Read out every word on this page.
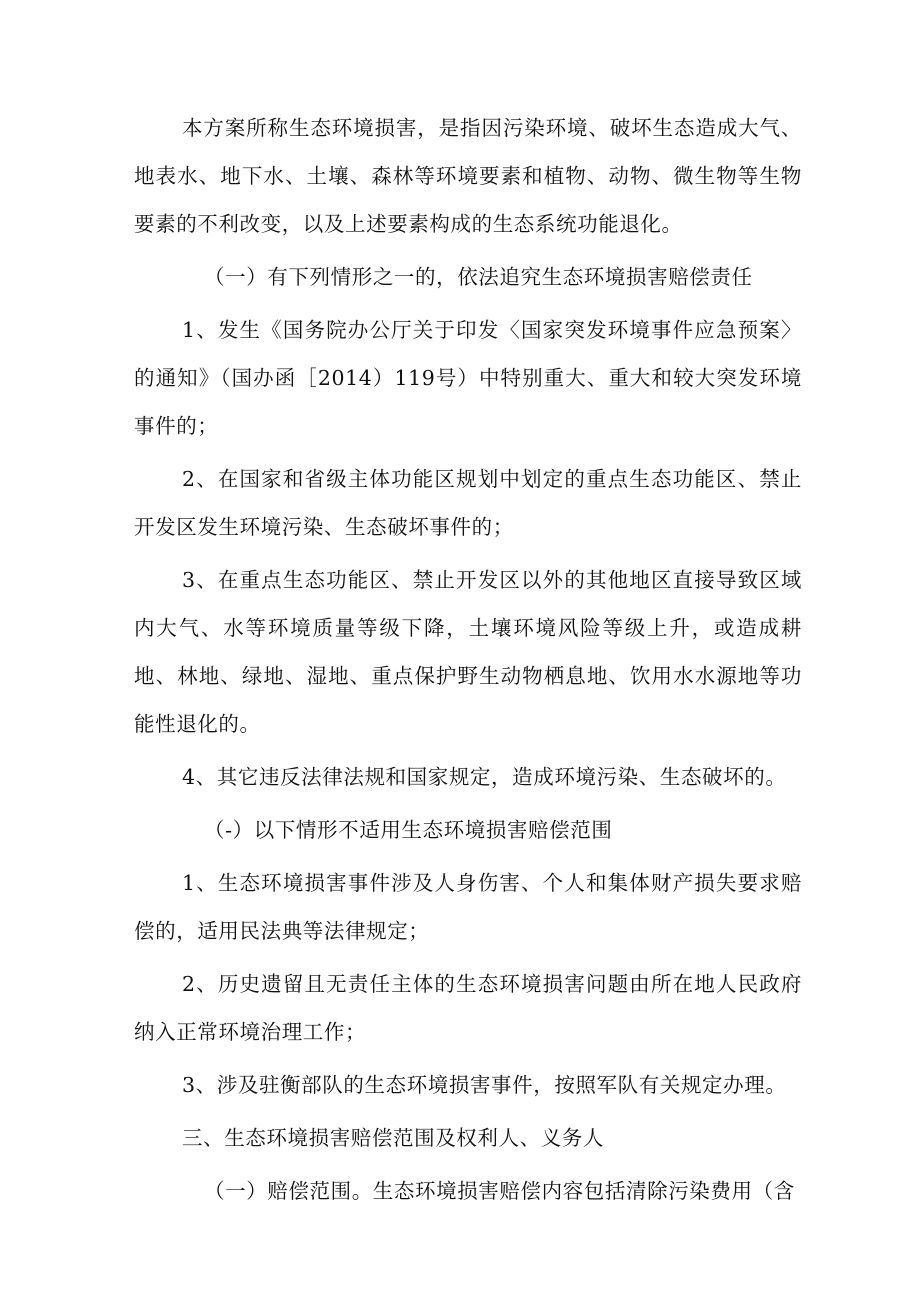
本方案所称生态环境损害，是指因污染环境、破坏生态造成大气、地表水、地下水、土壤、森林等环境要素和植物、动物、微生物等生物要素的不利改变，以及上述要素构成的生态系统功能退化。

（一）有下列情形之一的，依法追究生态环境损害赔偿责任

1、发生《国务院办公厅关于印发〈国家突发环境事件应急预案〉的通知》（国办函［2014）119号）中特别重大、重大和较大突发环境事件的；

2、在国家和省级主体功能区规划中划定的重点生态功能区、禁止开发区发生环境污染、生态破坏事件的；

3、在重点生态功能区、禁止开发区以外的其他地区直接导致区域内大气、水等环境质量等级下降，土壤环境风险等级上升，或造成耕地、林地、绿地、湿地、重点保护野生动物栖息地、饮用水水源地等功能性退化的。

4、其它违反法律法规和国家规定，造成环境污染、生态破坏的。

（-）以下情形不适用生态环境损害赔偿范围

1、生态环境损害事件涉及人身伤害、个人和集体财产损失要求赔偿的，适用民法典等法律规定；

2、历史遗留且无责任主体的生态环境损害问题由所在地人民政府纳入正常环境治理工作；

3、涉及驻衡部队的生态环境损害事件，按照军队有关规定办理。

三、生态环境损害赔偿范围及权利人、义务人

（一）赔偿范围。生态环境损害赔偿内容包括清除污染费用（含
